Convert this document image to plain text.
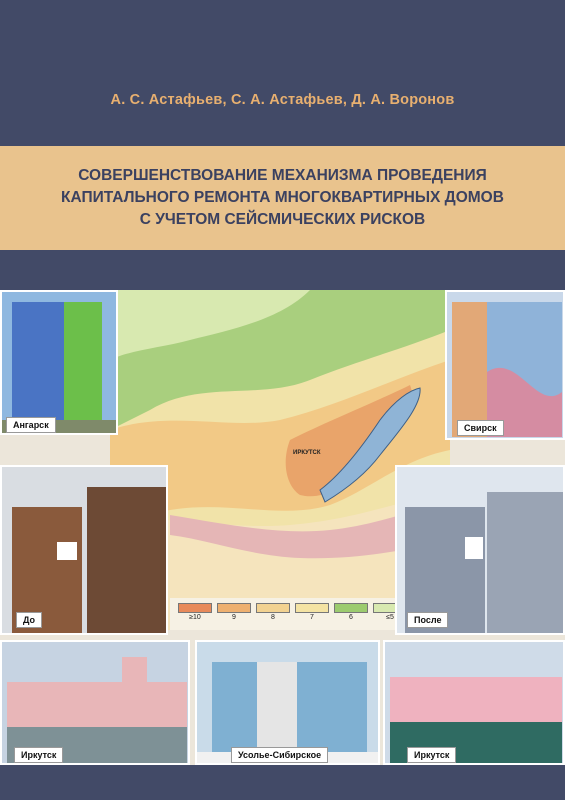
А. С. Астафьев, С. А. Астафьев, Д. А. Воронов
СОВЕРШЕНСТВОВАНИЕ МЕХАНИЗМА ПРОВЕДЕНИЯ
КАПИТАЛЬНОГО РЕМОНТА МНОГОКВАРТИРНЫХ ДОМОВ
С УЧЕТОМ СЕЙСМИЧЕСКИХ РИСКОВ
ИРКУТСК
≥10	9	8	7	6	≤5
Ангарск	Свирск
До	После
Иркутск	Усолье-Сибирское	Иркутск
